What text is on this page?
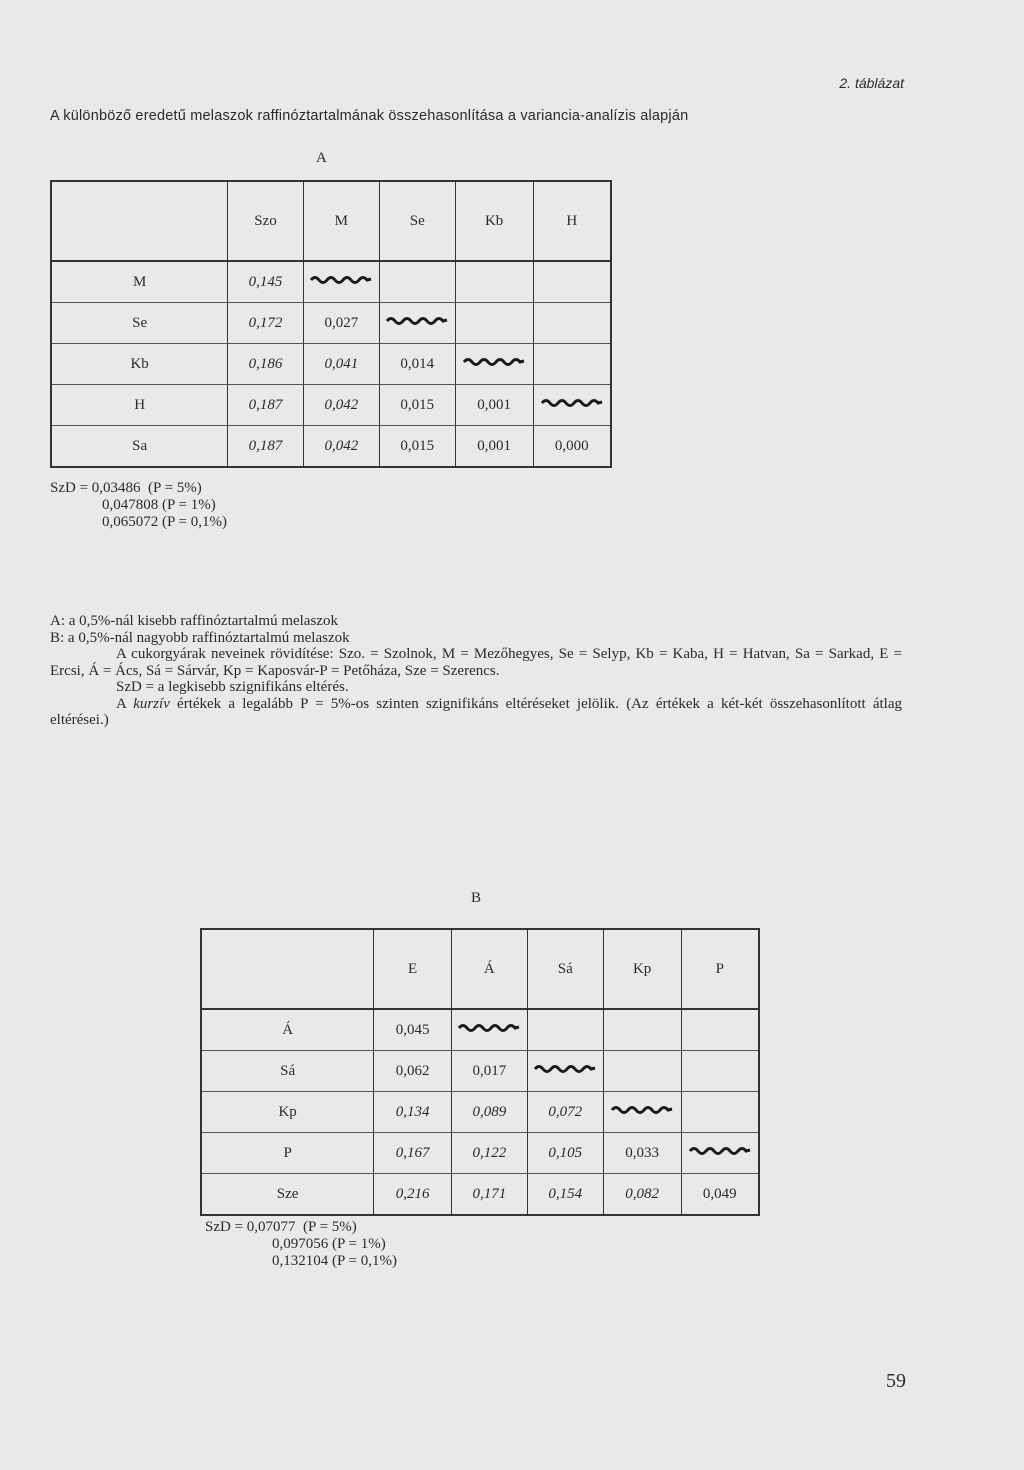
2. táblázat
A különböző eredetű melaszok raffinóztartalmának összehasonlítása a variancia-analízis alapján
A
	Szo	M	Se	Kb	H
M	0,145				
Se	0,172	0,027			
Kb	0,186	0,041	0,014		
H	0,187	0,042	0,015	0,001	
Sa	0,187	0,042	0,015	0,001	0,000
SzD = 0,03486  (P = 5%)
0,047808 (P = 1%)
0,065072 (P = 0,1%)

A: a 0,5%-nál kisebb raffinóztartalmú melaszok

B: a 0,5%-nál nagyobb raffinóztartalmú melaszok

A cukorgyárak neveinek rövidítése: Szo. = Szolnok, M = Mezőhegyes, Se = Selyp, Kb = Kaba, H = Hatvan, Sa = Sarkad, E = Ercsi, Á = Ács, Sá = Sárvár, Kp = Kaposvár-P = Petőháza, Sze = Szerencs.

SzD = a legkisebb szignifikáns eltérés.

A kurzív értékek a legalább P = 5%-os szinten szignifikáns eltéréseket jelölik. (Az értékek a két-két összehasonlított átlag eltérései.)

B
	E	Á	Sá	Kp	P
Á	0,045				
Sá	0,062	0,017			
Kp	0,134	0,089	0,072		
P	0,167	0,122	0,105	0,033	
Sze	0,216	0,171	0,154	0,082	0,049
SzD = 0,07077  (P = 5%)
0,097056 (P = 1%)
0,132104 (P = 0,1%)
59
